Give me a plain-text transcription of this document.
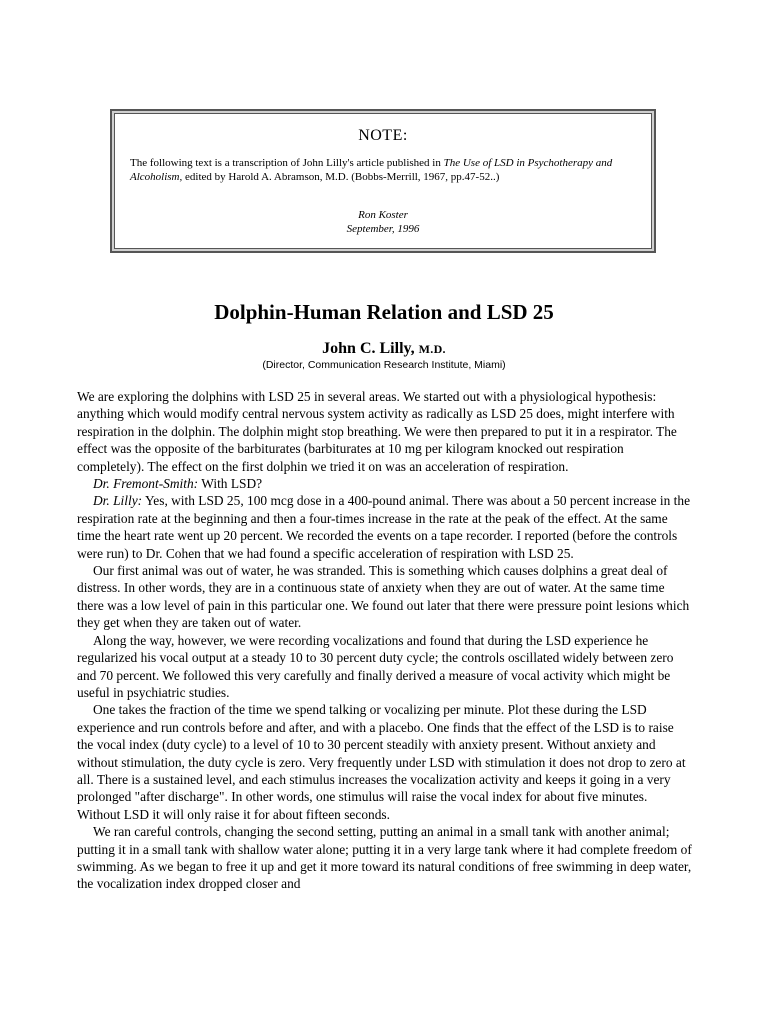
NOTE:
The following text is a transcription of John Lilly's article published in The Use of LSD in Psychotherapy and Alcoholism, edited by Harold A. Abramson, M.D. (Bobbs-Merrill, 1967, pp.47-52..)
Ron Koster
September, 1996
Dolphin-Human Relation and LSD 25
John C. Lilly, M.D.
(Director, Communication Research Institute, Miami)

We are exploring the dolphins with LSD 25 in several areas. We started out with a physiological hypothesis: anything which would modify central nervous system activity as radically as LSD 25 does, might interfere with respiration in the dolphin. The dolphin might stop breathing. We were then prepared to put it in a respirator. The effect was the opposite of the barbiturates (barbiturates at 10 mg per kilogram knocked out respiration completely). The effect on the first dolphin we tried it on was an acceleration of respiration.

Dr. Fremont-Smith: With LSD?

Dr. Lilly: Yes, with LSD 25, 100 mcg dose in a 400-pound animal. There was about a 50 percent increase in the respiration rate at the beginning and then a four-times increase in the rate at the peak of the effect. At the same time the heart rate went up 20 percent. We recorded the events on a tape recorder. I reported (before the controls were run) to Dr. Cohen that we had found a specific acceleration of respiration with LSD 25.

Our first animal was out of water, he was stranded. This is something which causes dolphins a great deal of distress. In other words, they are in a continuous state of anxiety when they are out of water. At the same time there was a low level of pain in this particular one. We found out later that there were pressure point lesions which they get when they are taken out of water.

Along the way, however, we were recording vocalizations and found that during the LSD experience he regularized his vocal output at a steady 10 to 30 percent duty cycle; the controls oscillated widely between zero and 70 percent. We followed this very carefully and finally derived a measure of vocal activity which might be useful in psychiatric studies.

One takes the fraction of the time we spend talking or vocalizing per minute. Plot these during the LSD experience and run controls before and after, and with a placebo. One finds that the effect of the LSD is to raise the vocal index (duty cycle) to a level of 10 to 30 percent steadily with anxiety present. Without anxiety and without stimulation, the duty cycle is zero. Very frequently under LSD with stimulation it does not drop to zero at all. There is a sustained level, and each stimulus increases the vocalization activity and keeps it going in a very prolonged "after discharge". In other words, one stimulus will raise the vocal index for about five minutes. Without LSD it will only raise it for about fifteen seconds.

We ran careful controls, changing the second setting, putting an animal in a small tank with another animal; putting it in a small tank with shallow water alone; putting it in a very large tank where it had complete freedom of swimming. As we began to free it up and get it more toward its natural conditions of free swimming in deep water, the vocalization index dropped closer and
